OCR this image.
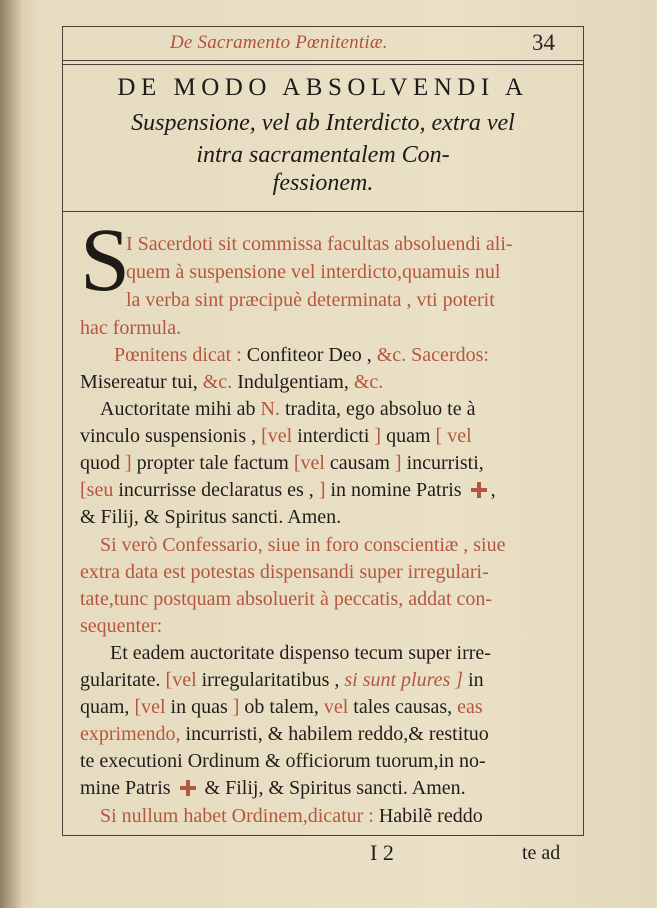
De Sacramento Pœnitentiæ.	34
DE MODO ABSOLVENDI A
Suspensione, vel ab Interdicto, extra vel
intra sacramentalem Con-
fessionem.
S
I Sacerdoti sit commissa facultas absoluendi ali-
quem à suspensione vel interdicto,quamuis nul
la verba sint præcipuè determinata , vti poterit
hac formula.
Pœnitens dicat : Confiteor Deo , &c. Sacerdos:
Misereatur tui, &c. Indulgentiam, &c.
Auctoritate mihi ab N. tradita, ego absoluo te à
vinculo suspensionis , [vel interdicti ] quam [ vel
quod ] propter tale factum [vel causam ] incurristi,
[seu incurrisse declaratus es , ] in nomine Patris ,
& Filij, & Spiritus sancti. Amen.
Si verò Confessario, siue in foro conscientiæ , siue
extra data est potestas dispensandi super irregulari-
tate,tunc postquam absoluerit à peccatis, addat con-
sequenter:
Et eadem auctoritate dispenso tecum super irre-
gularitate. [vel irregularitatibus , si sunt plures ] in
quam, [vel in quas ] ob talem, vel tales causas, eas
exprimendo, incurristi, & habilem reddo,& restituo
te executioni Ordinum & officiorum tuorum,in no-
mine Patris & Filij, & Spiritus sancti. Amen.
Si nullum habet Ordinem,dicatur : Habilẽ reddo
I 2	te ad
